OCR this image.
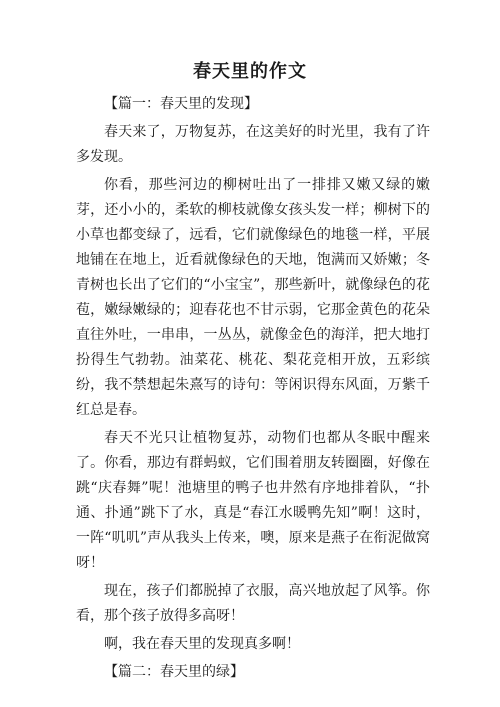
春天里的作文

【篇一：春天里的发现】

春天来了，万物复苏，在这美好的时光里，我有了许多发现。

你看，那些河边的柳树吐出了一排排又嫩又绿的嫩芽，还小小的，柔软的柳枝就像女孩头发一样；柳树下的小草也都变绿了，远看，它们就像绿色的地毯一样，平展地铺在在地上，近看就像绿色的天地，饱满而又娇嫩；冬青树也长出了它们的“小宝宝”，那些新叶，就像绿色的花苞，嫩绿嫩绿的；迎春花也不甘示弱，它那金黄色的花朵直往外吐，一串串，一丛丛，就像金色的海洋，把大地打扮得生气勃勃。油菜花、桃花、梨花竞相开放，五彩缤纷，我不禁想起朱熹写的诗句：等闲识得东风面，万紫千红总是春。

春天不光只让植物复苏，动物们也都从冬眠中醒来了。你看，那边有群蚂蚁，它们围着朋友转圈圈，好像在跳“庆春舞”呢！池塘里的鸭子也井然有序地排着队，“扑通、扑通”跳下了水，真是“春江水暖鸭先知”啊！这时，一阵“叽叽”声从我头上传来，噢，原来是燕子在衔泥做窝呀！

现在，孩子们都脱掉了衣服，高兴地放起了风筝。你看，那个孩子放得多高呀！

啊，我在春天里的发现真多啊！

【篇二：春天里的绿】
